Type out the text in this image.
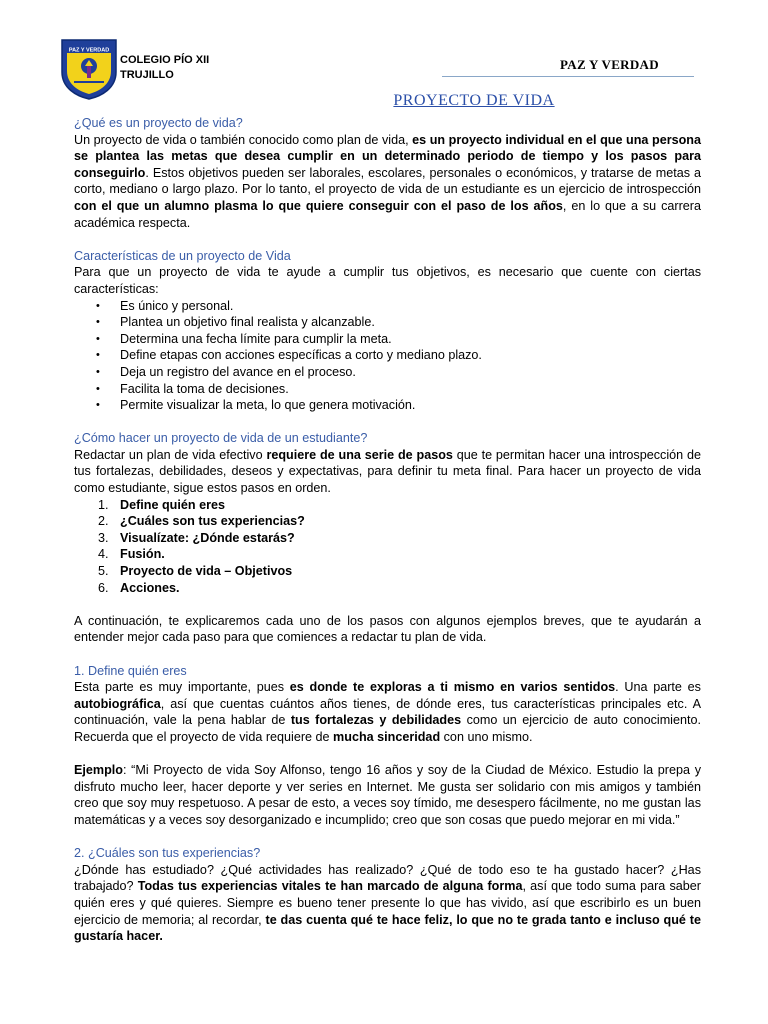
PAZ Y VERDAD
COLEGIO PÍO XII
TRUJILLO
PAZ Y VERDAD
PROYECTO DE VIDA

¿Qué es un proyecto de vida?

Un proyecto de vida o también conocido como plan de vida, es un proyecto individual en el que una persona se plantea las metas que desea cumplir en un determinado periodo de tiempo y los pasos para conseguirlo. Estos objetivos pueden ser laborales, escolares, personales o económicos, y tratarse de metas a corto, mediano o largo plazo. Por lo tanto, el proyecto de vida de un estudiante es un ejercicio de introspección con el que un alumno plasma lo que quiere conseguir con el paso de los años, en lo que a su carrera académica respecta.

Características de un proyecto de Vida

Para que un proyecto de vida te ayude a cumplir tus objetivos, es necesario que cuente con ciertas características:

• Es único y personal.
• Plantea un objetivo final realista y alcanzable.
• Determina una fecha límite para cumplir la meta.
• Define etapas con acciones específicas a corto y mediano plazo.
• Deja un registro del avance en el proceso.
• Facilita la toma de decisiones.
• Permite visualizar la meta, lo que genera motivación.

¿Cómo hacer un proyecto de vida de un estudiante?

Redactar un plan de vida efectivo requiere de una serie de pasos que te permitan hacer una introspección de tus fortalezas, debilidades, deseos y expectativas, para definir tu meta final. Para hacer un proyecto de vida como estudiante, sigue estos pasos en orden.

1. Define quién eres
2. ¿Cuáles son tus experiencias?
3. Visualízate: ¿Dónde estarás?
4. Fusión.
5. Proyecto de vida – Objetivos
6. Acciones.

A continuación, te explicaremos cada uno de los pasos con algunos ejemplos breves, que te ayudarán a entender mejor cada paso para que comiences a redactar tu plan de vida.

1. Define quién eres

Esta parte es muy importante, pues es donde te exploras a ti mismo en varios sentidos. Una parte es autobiográfica, así que cuentas cuántos años tienes, de dónde eres, tus características principales etc. A continuación, vale la pena hablar de tus fortalezas y debilidades como un ejercicio de auto conocimiento. Recuerda que el proyecto de vida requiere de mucha sinceridad con uno mismo.

Ejemplo: “Mi Proyecto de vida Soy Alfonso, tengo 16 años y soy de la Ciudad de México. Estudio la prepa y disfruto mucho leer, hacer deporte y ver series en Internet. Me gusta ser solidario con mis amigos y también creo que soy muy respetuoso. A pesar de esto, a veces soy tímido, me desespero fácilmente, no me gustan las matemáticas y a veces soy desorganizado e incumplido; creo que son cosas que puedo mejorar en mi vida.”

2. ¿Cuáles son tus experiencias?

¿Dónde has estudiado? ¿Qué actividades has realizado? ¿Qué de todo eso te ha gustado hacer? ¿Has trabajado? Todas tus experiencias vitales te han marcado de alguna forma, así que todo suma para saber quién eres y qué quieres. Siempre es bueno tener presente lo que has vivido, así que escribirlo es un buen ejercicio de memoria; al recordar, te das cuenta qué te hace feliz, lo que no te grada tanto e incluso qué te gustaría hacer.
